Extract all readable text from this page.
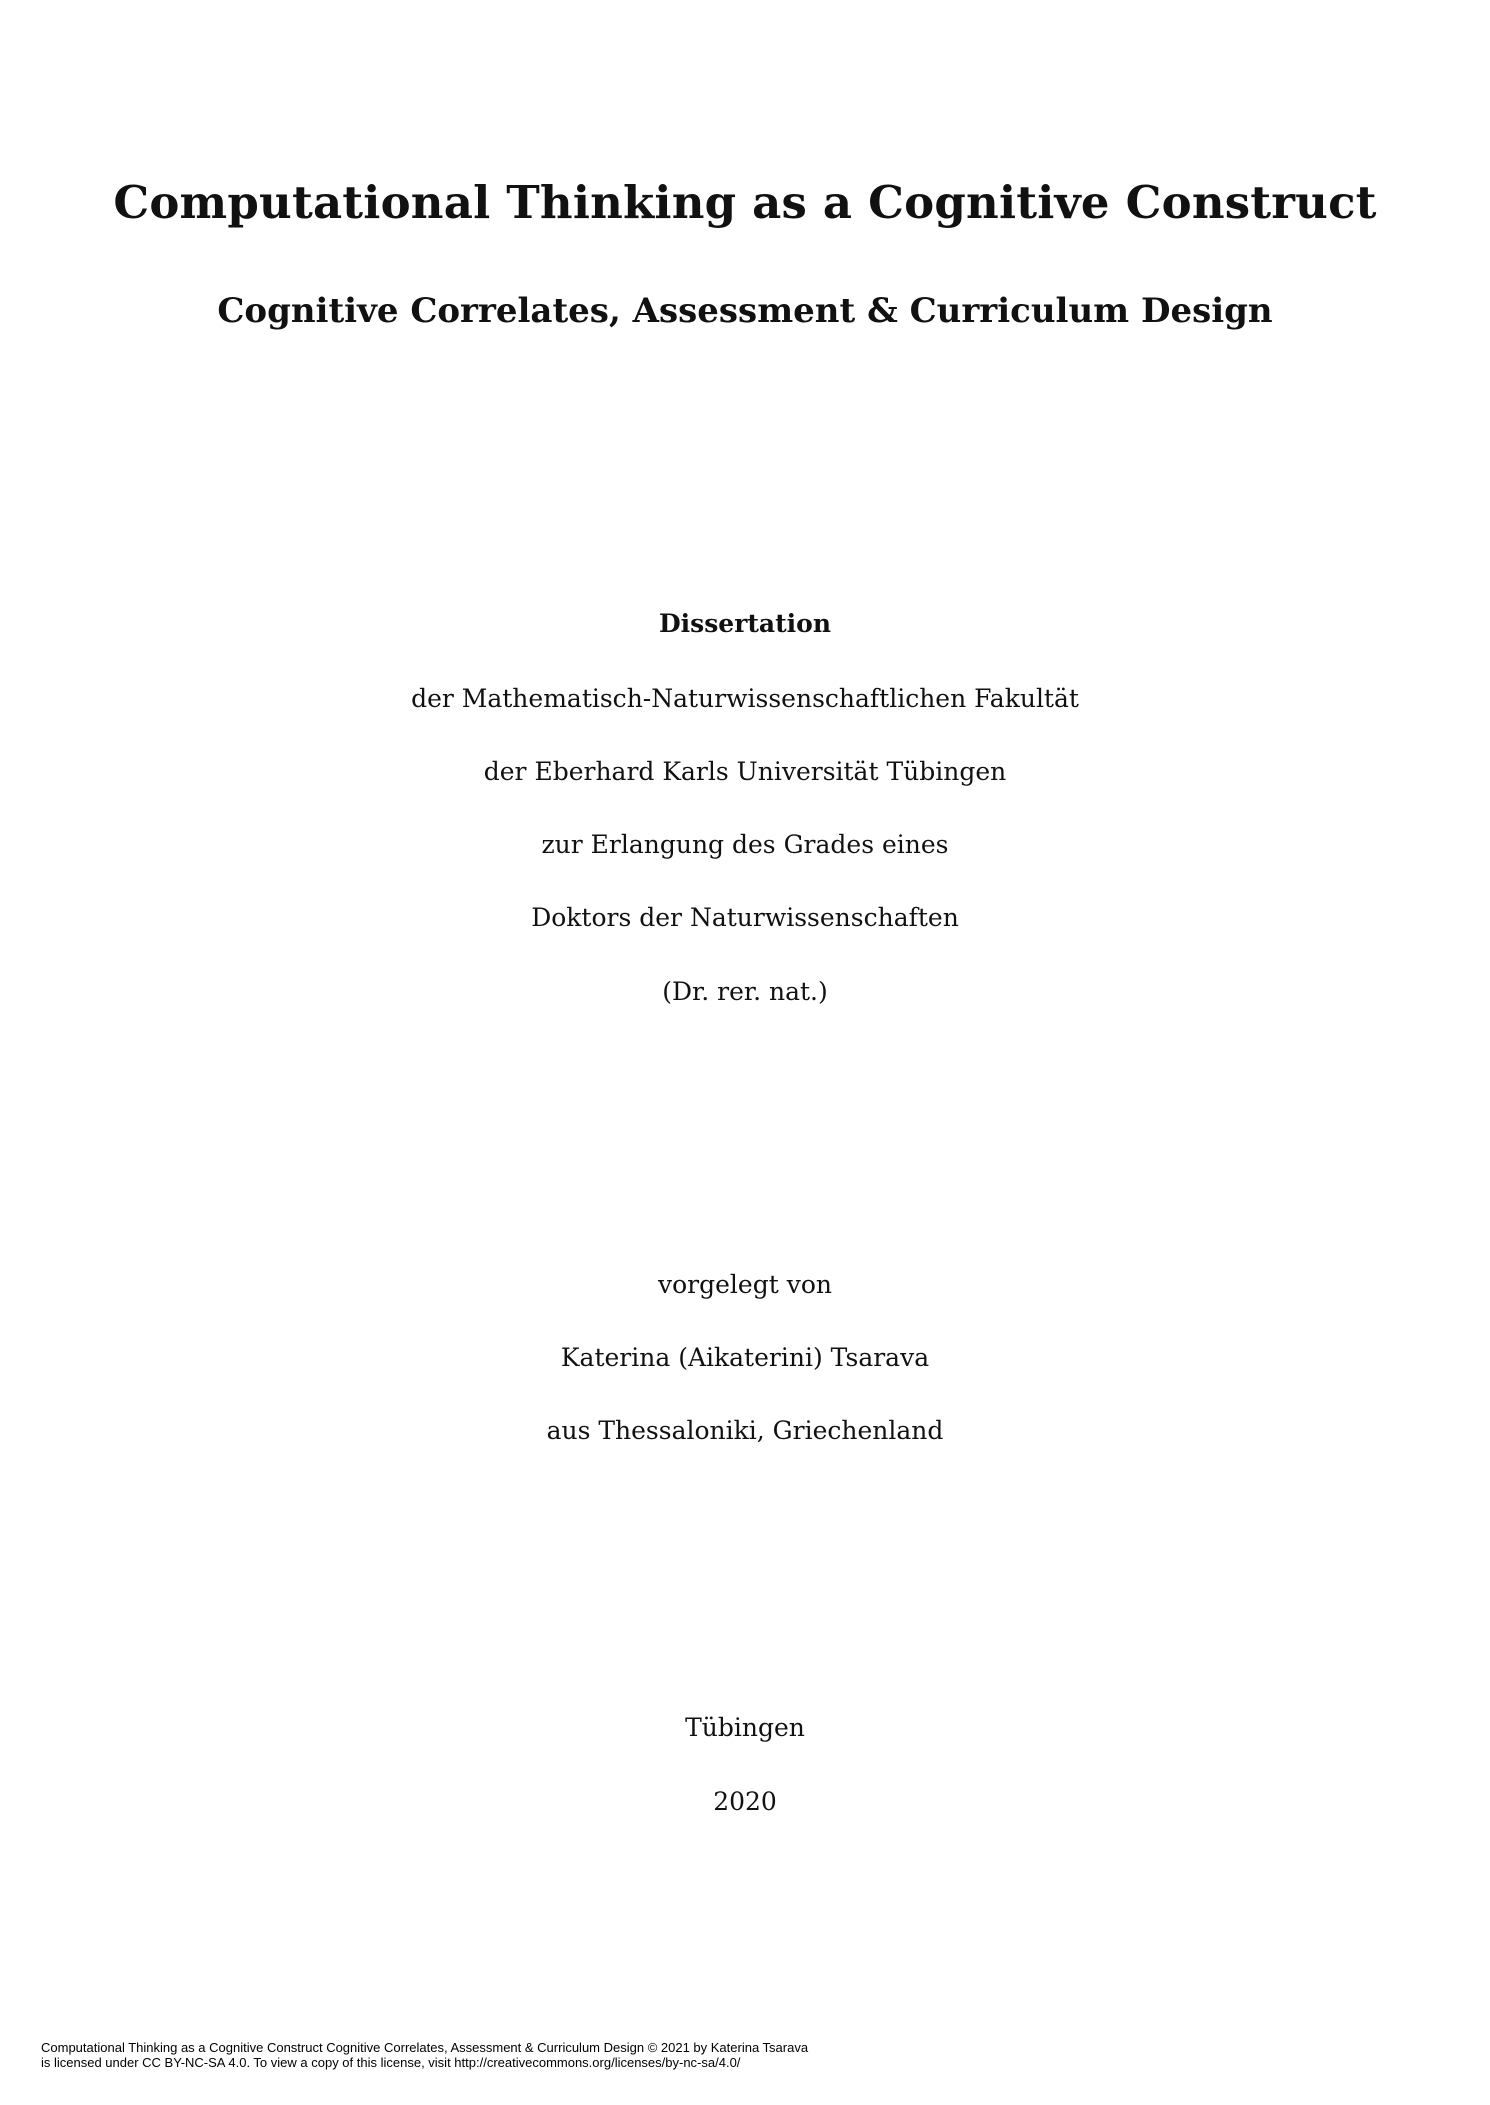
Computational Thinking as a Cognitive Construct
Cognitive Correlates, Assessment & Curriculum Design
Dissertation
der Mathematisch-Naturwissenschaftlichen Fakultät
der Eberhard Karls Universität Tübingen
zur Erlangung des Grades eines
Doktors der Naturwissenschaften
(Dr. rer. nat.)
vorgelegt von
Katerina (Aikaterini) Tsarava
aus Thessaloniki, Griechenland
Tübingen
2020
Computational Thinking as a Cognitive Construct Cognitive Correlates, Assessment & Curriculum Design © 2021 by Katerina Tsarava
is licensed under CC BY-NC-SA 4.0. To view a copy of this license, visit http://creativecommons.org/licenses/by-nc-sa/4.0/
